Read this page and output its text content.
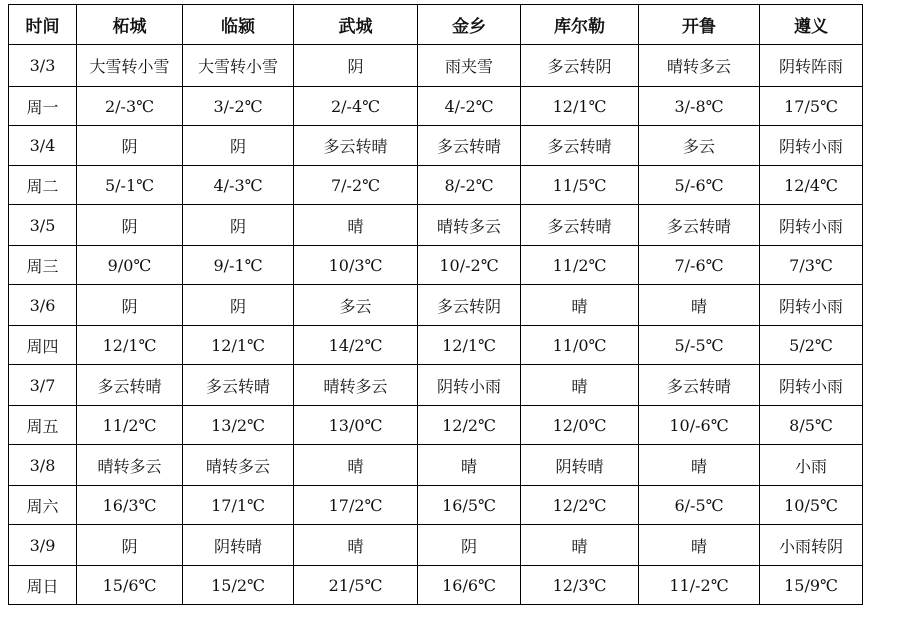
时间	柘城	临颍	武城	金乡	库尔勒	开鲁	遵义
3/3	大雪转小雪	大雪转小雪	阴	雨夹雪	多云转阴	晴转多云	阴转阵雨
周一	2/-3℃	3/-2℃	2/-4℃	4/-2℃	12/1℃	3/-8℃	17/5℃
3/4	阴	阴	多云转晴	多云转晴	多云转晴	多云	阴转小雨
周二	5/-1℃	4/-3℃	7/-2℃	8/-2℃	11/5℃	5/-6℃	12/4℃
3/5	阴	阴	晴	晴转多云	多云转晴	多云转晴	阴转小雨
周三	9/0℃	9/-1℃	10/3℃	10/-2℃	11/2℃	7/-6℃	7/3℃
3/6	阴	阴	多云	多云转阴	晴	晴	阴转小雨
周四	12/1℃	12/1℃	14/2℃	12/1℃	11/0℃	5/-5℃	5/2℃
3/7	多云转晴	多云转晴	晴转多云	阴转小雨	晴	多云转晴	阴转小雨
周五	11/2℃	13/2℃	13/0℃	12/2℃	12/0℃	10/-6℃	8/5℃
3/8	晴转多云	晴转多云	晴	晴	阴转晴	晴	小雨
周六	16/3℃	17/1℃	17/2℃	16/5℃	12/2℃	6/-5℃	10/5℃
3/9	阴	阴转晴	晴	阴	晴	晴	小雨转阴
周日	15/6℃	15/2℃	21/5℃	16/6℃	12/3℃	11/-2℃	15/9℃
